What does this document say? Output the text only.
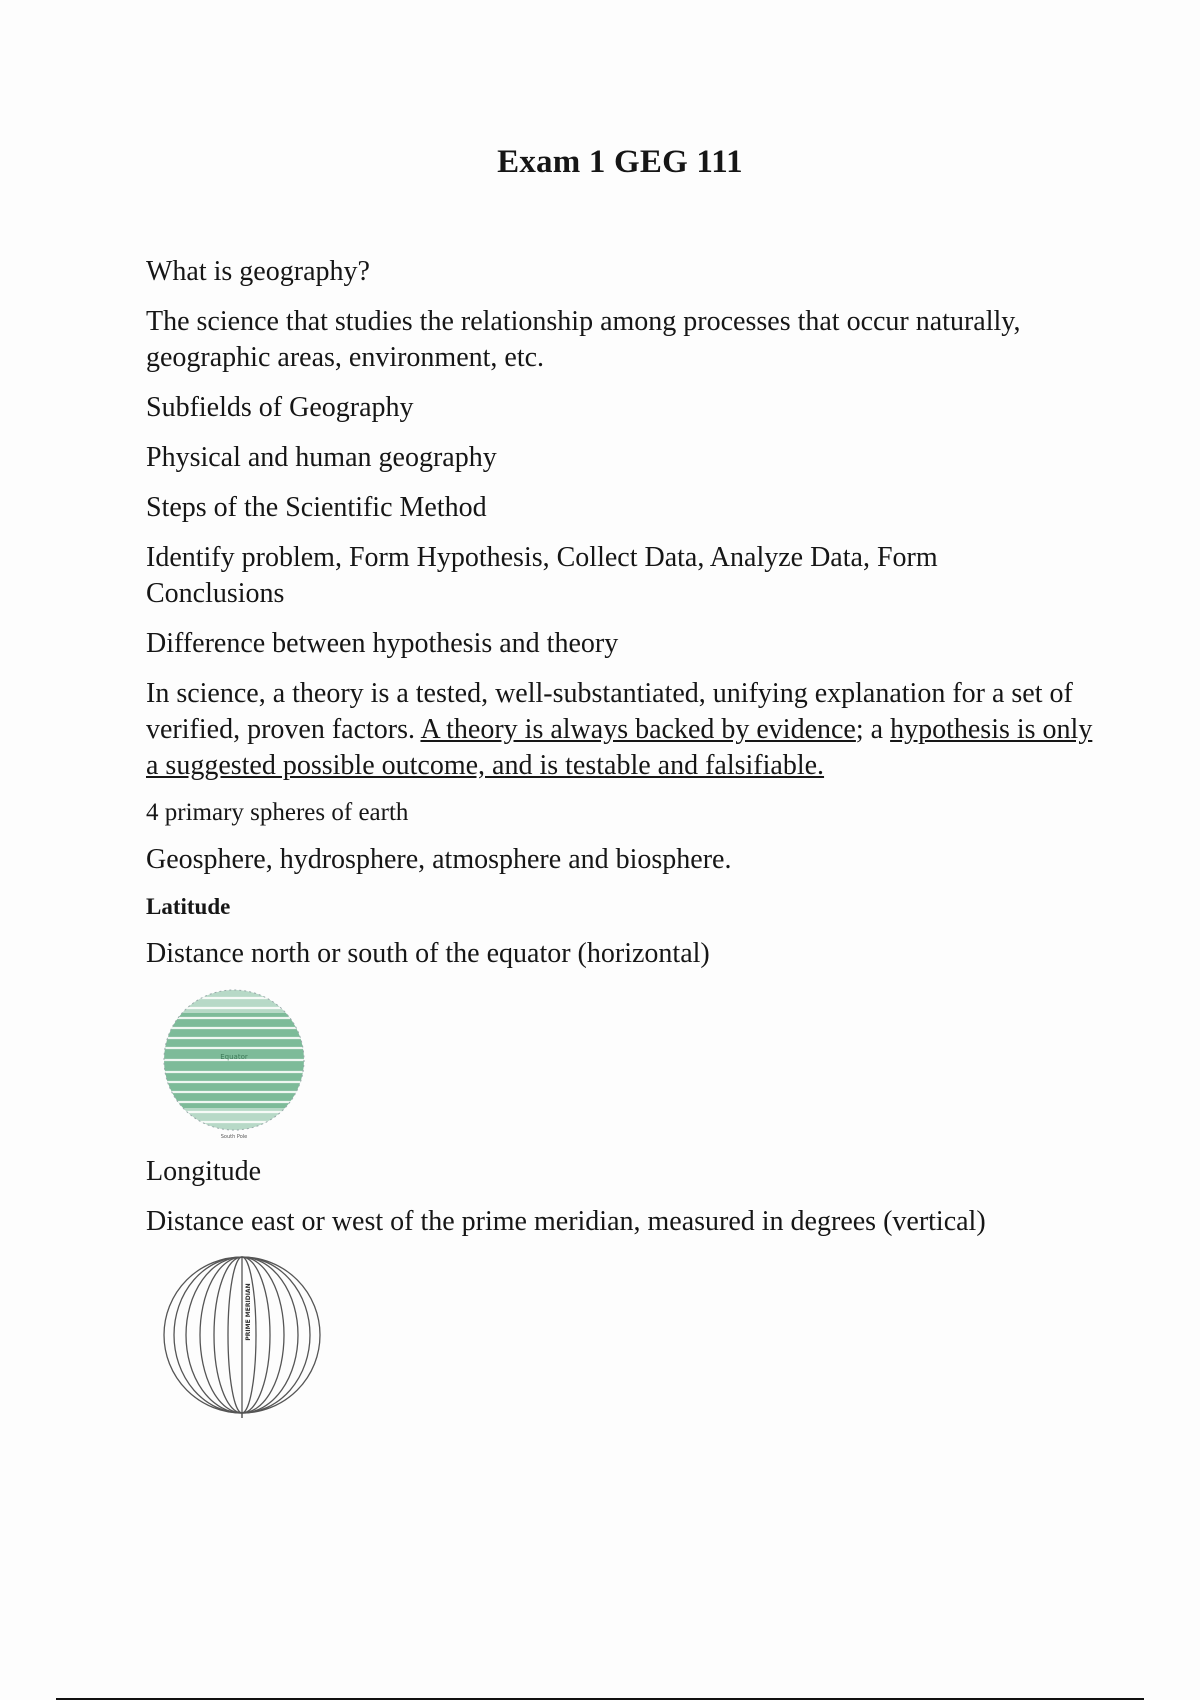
Exam 1 GEG 111

What is geography?

The science that studies the relationship among processes that occur naturally, geographic areas, environment, etc.

Subfields of Geography

Physical and human geography

Steps of the Scientific Method

Identify problem, Form Hypothesis, Collect Data, Analyze Data, Form Conclusions

Difference between hypothesis and theory

In science, a theory is a tested, well-substantiated, unifying explanation for a set of verified, proven factors. A theory is always backed by evidence; a hypothesis is only a suggested possible outcome, and is testable and falsifiable.

4 primary spheres of earth

Geosphere, hydrosphere, atmosphere and biosphere.

Latitude

Distance north or south of the equator (horizontal)

Equator
South Pole

Longitude

Distance east or west of the prime meridian, measured in degrees (vertical)

PRIME MERIDIAN
